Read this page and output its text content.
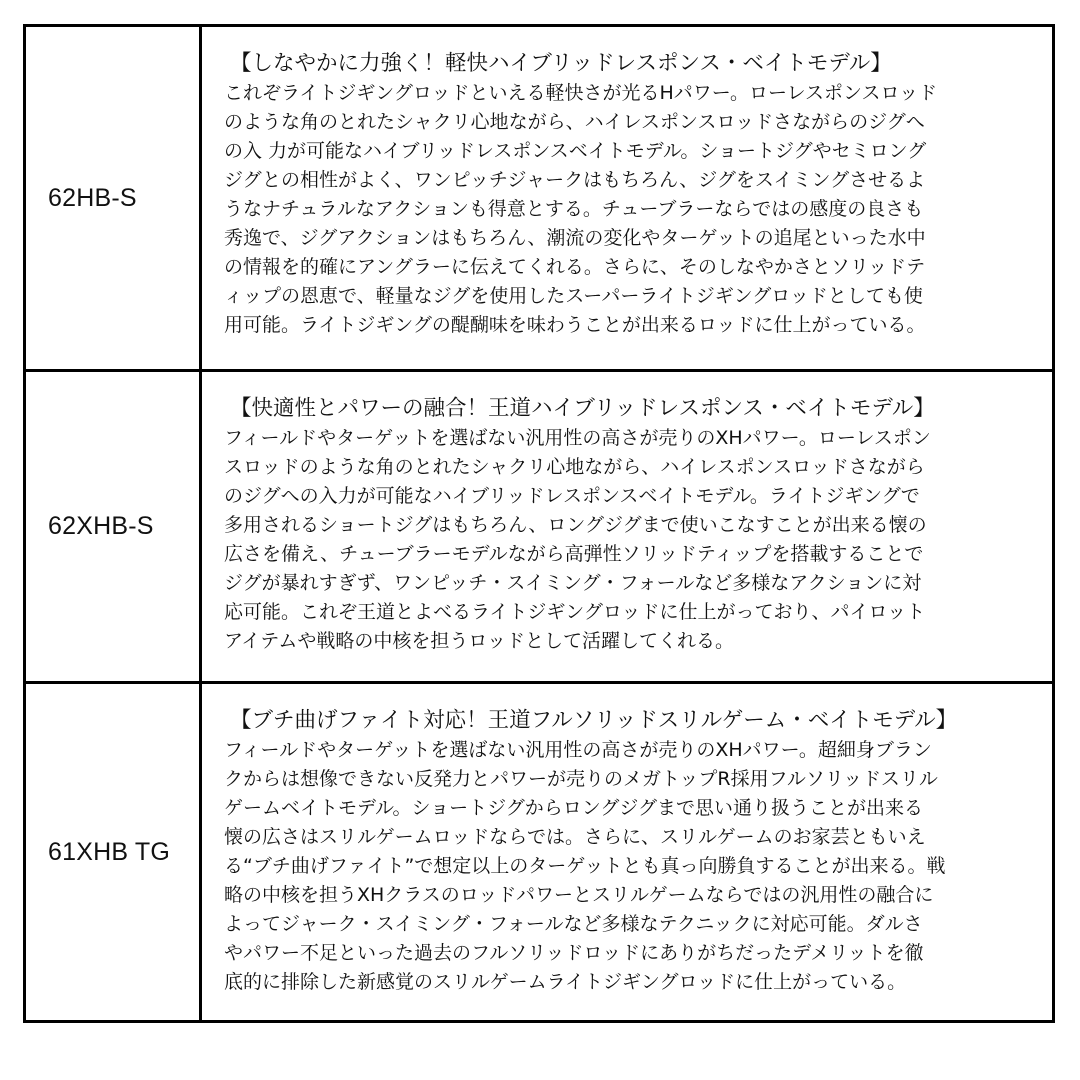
62HB-S
【しなやかに力強く！軽快ハイブリッドレスポンス・ベイトモデル】
これぞライトジギングロッドといえる軽快さが光るHパワー。ローレスポンスロッド
のような角のとれたシャクリ心地ながら、ハイレスポンスロッドさながらのジグへ
の入 力が可能なハイブリッドレスポンスベイトモデル。ショートジグやセミロング
ジグとの相性がよく、ワンピッチジャークはもちろん、ジグをスイミングさせるよ
うなナチュラルなアクションも得意とする。チューブラーならではの感度の良さも
秀逸で、ジグアクションはもちろん、潮流の変化やターゲットの追尾といった水中
の情報を的確にアングラーに伝えてくれる。さらに、そのしなやかさとソリッドテ
ィップの恩恵で、軽量なジグを使用したスーパーライトジギングロッドとしても使
用可能。ライトジギングの醍醐味を味わうことが出来るロッドに仕上がっている。
62XHB-S
【快適性とパワーの融合！王道ハイブリッドレスポンス・ベイトモデル】
フィールドやターゲットを選ばない汎用性の高さが売りのXHパワー。ローレスポン
スロッドのような角のとれたシャクリ心地ながら、ハイレスポンスロッドさながら
のジグへの入力が可能なハイブリッドレスポンスベイトモデル。ライトジギングで
多用されるショートジグはもちろん、ロングジグまで使いこなすことが出来る懐の
広さを備え、チューブラーモデルながら高弾性ソリッドティップを搭載することで
ジグが暴れすぎず、ワンピッチ・スイミング・フォールなど多様なアクションに対
応可能。これぞ王道とよべるライトジギングロッドに仕上がっており、パイロット
アイテムや戦略の中核を担うロッドとして活躍してくれる。
61XHB TG
【ブチ曲げファイト対応！王道フルソリッドスリルゲーム・ベイトモデル】
フィールドやターゲットを選ばない汎用性の高さが売りのXHパワー。超細身ブラン
クからは想像できない反発力とパワーが売りのメガトップR採用フルソリッドスリル
ゲームベイトモデル。ショートジグからロングジグまで思い通り扱うことが出来る
懐の広さはスリルゲームロッドならでは。さらに、スリルゲームのお家芸ともいえ
る“ブチ曲げファイト”で想定以上のターゲットとも真っ向勝負することが出来る。戦
略の中核を担うXHクラスのロッドパワーとスリルゲームならではの汎用性の融合に
よってジャーク・スイミング・フォールなど多様なテクニックに対応可能。ダルさ
やパワー不足といった過去のフルソリッドロッドにありがちだったデメリットを徹
底的に排除した新感覚のスリルゲームライトジギングロッドに仕上がっている。
